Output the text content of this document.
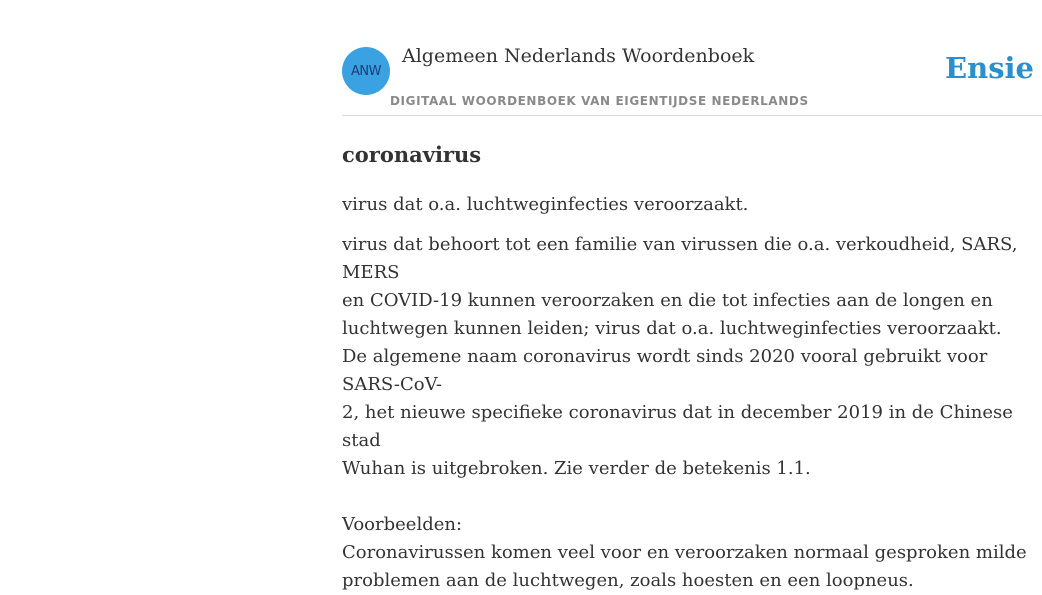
ANW
Algemeen Nederlands Woordenboek
DIGITAAL WOORDENBOEK VAN EIGENTIJDSE NEDERLANDS
Ensie
coronavirus

virus dat o.a. luchtweginfecties veroorzaakt.

virus dat behoort tot een familie van virussen die o.a. verkoudheid, SARS, MERS
en COVID-19 kunnen veroorzaken en die tot infecties aan de longen en
luchtwegen kunnen leiden; virus dat o.a. luchtweginfecties veroorzaakt.
De algemene naam coronavirus wordt sinds 2020 vooral gebruikt voor SARS-CoV-
2, het nieuwe specifieke coronavirus dat in december 2019 in de Chinese stad
Wuhan is uitgebroken. Zie verder de betekenis 1.1.

Voorbeelden:
Coronavirussen komen veel voor en veroorzaken normaal gesproken milde
problemen aan de luchtwegen, zoals hoesten en een loopneus.
